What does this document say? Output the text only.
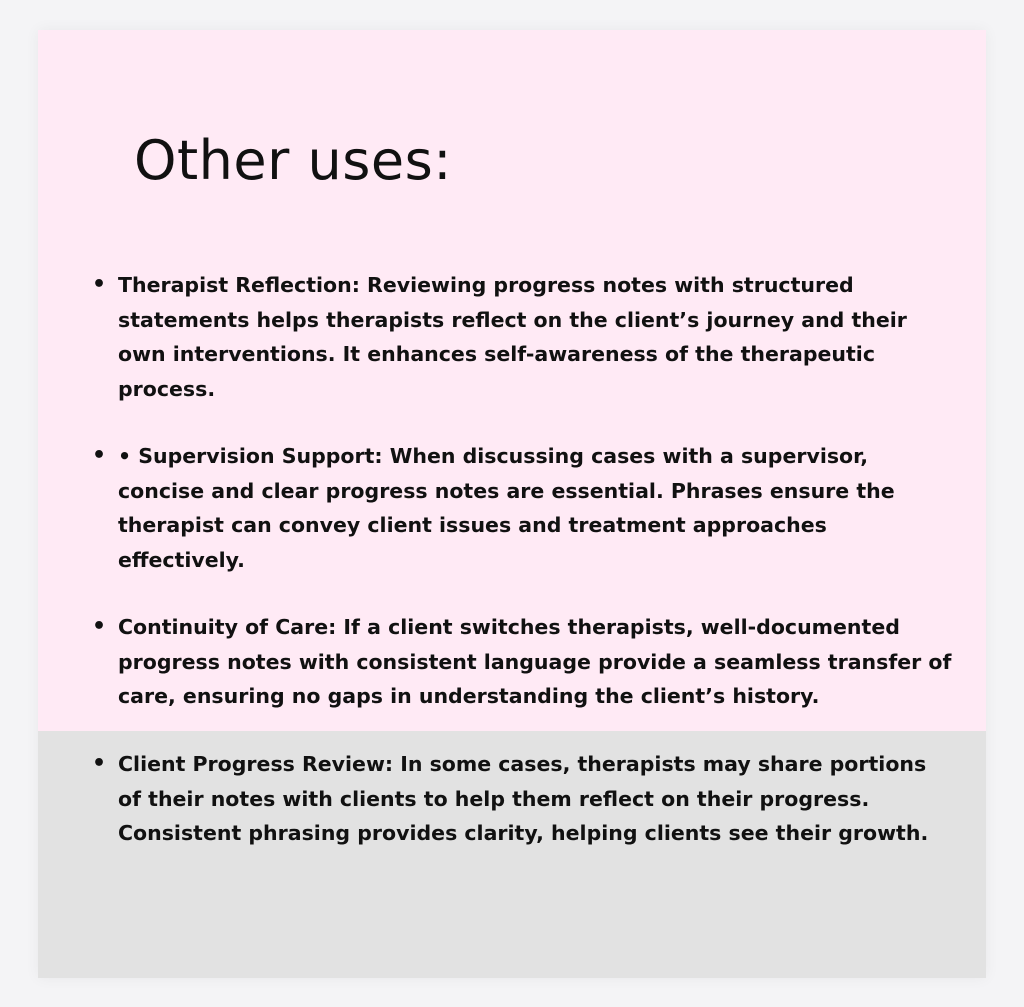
Other uses:
• Therapist Reflection: Reviewing progress notes with structured statements helps therapists reflect on the client’s journey and their own interventions. It enhances self-awareness of the therapeutic process.
• • Supervision Support: When discussing cases with a supervisor, concise and clear progress notes are essential. Phrases ensure the therapist can convey client issues and treatment approaches effectively.
• Continuity of Care: If a client switches therapists, well-documented progress notes with consistent language provide a seamless transfer of care, ensuring no gaps in understanding the client’s history.
• Client Progress Review: In some cases, therapists may share portions of their notes with clients to help them reflect on their progress. Consistent phrasing provides clarity, helping clients see their growth.
